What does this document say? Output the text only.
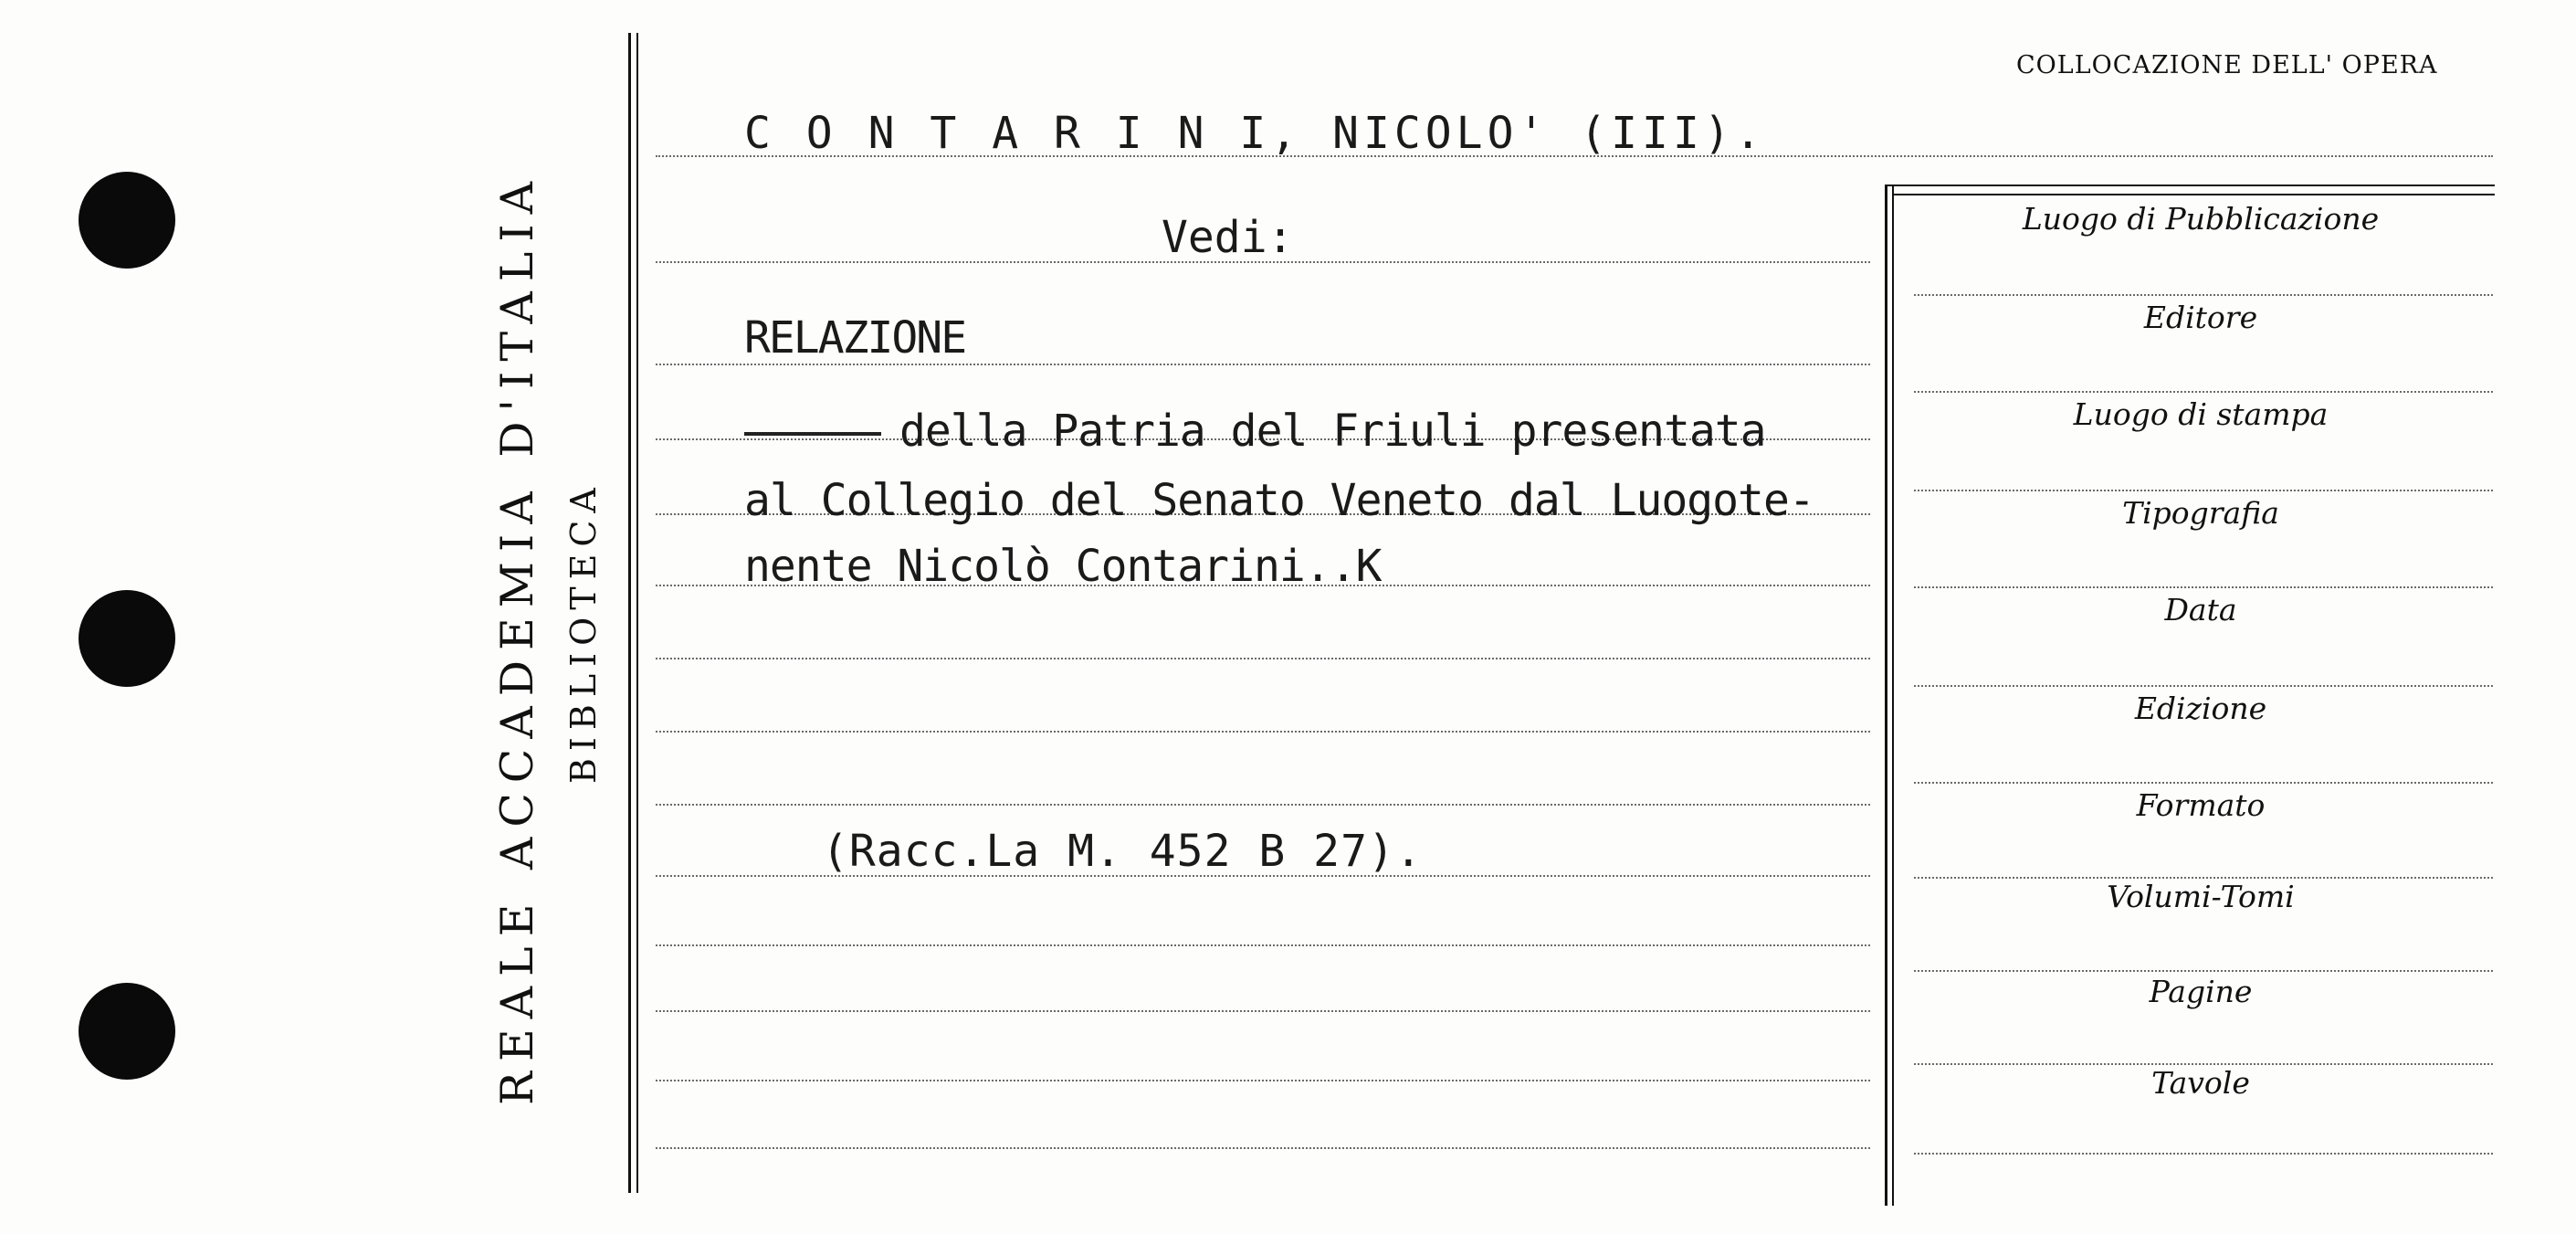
REALE ACCADEMIA D'ITALIA BIBLIOTECA
COLLOCAZIONE DELL' OPERA
C O N T A R I N I, NICOLO' (III).
Vedi:
RELAZIONE
della Patria del Friuli presentata
al Collegio del Senato Veneto dal Luogote-
nente Nicolò Contarini..K
(Racc.La M. 452 B 27).
Luogo di Pubblicazione
Editore
Luogo di stampa
Tipografia
Data
Edizione
Formato
Volumi-Tomi
Pagine
Tavole
